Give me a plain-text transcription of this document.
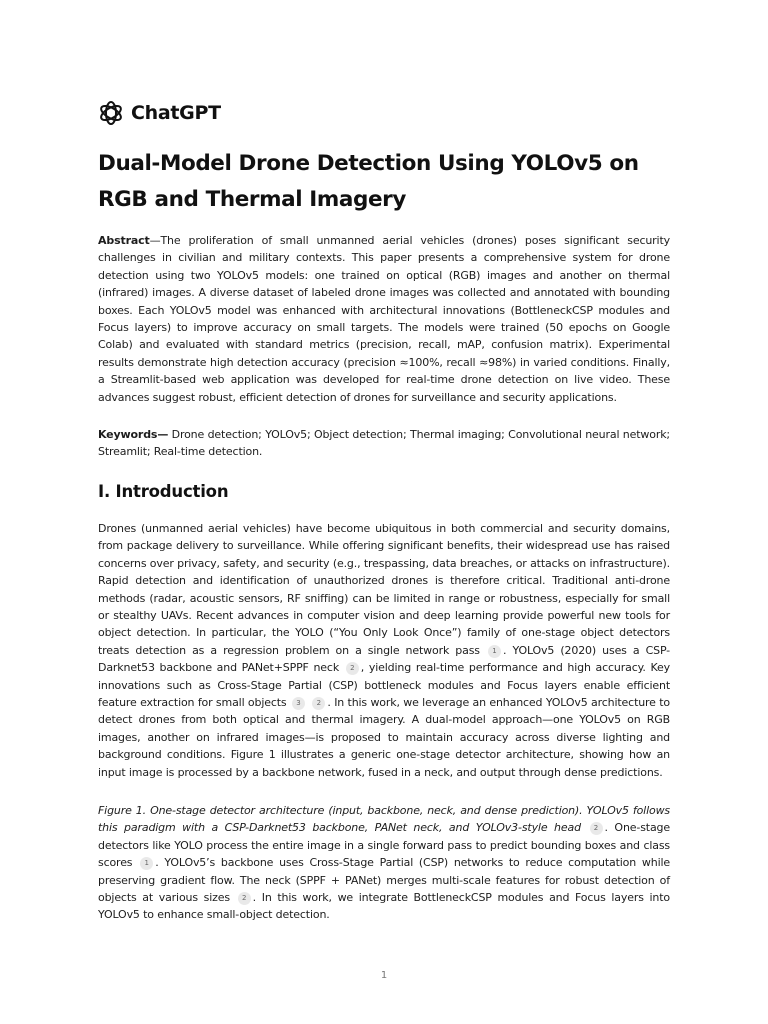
ChatGPT
Dual-Model Drone Detection Using YOLOv5 on RGB and Thermal Imagery

Abstract—The proliferation of small unmanned aerial vehicles (drones) poses significant security challenges in civilian and military contexts. This paper presents a comprehensive system for drone detection using two YOLOv5 models: one trained on optical (RGB) images and another on thermal (infrared) images. A diverse dataset of labeled drone images was collected and annotated with bounding boxes. Each YOLOv5 model was enhanced with architectural innovations (BottleneckCSP modules and Focus layers) to improve accuracy on small targets. The models were trained (50 epochs on Google Colab) and evaluated with standard metrics (precision, recall, mAP, confusion matrix). Experimental results demonstrate high detection accuracy (precision ≈100%, recall ≈98%) in varied conditions. Finally, a Streamlit-based web application was developed for real-time drone detection on live video. These advances suggest robust, efficient detection of drones for surveillance and security applications.

Keywords— Drone detection; YOLOv5; Object detection; Thermal imaging; Convolutional neural network; Streamlit; Real-time detection.

I. Introduction

Drones (unmanned aerial vehicles) have become ubiquitous in both commercial and security domains, from package delivery to surveillance. While offering significant benefits, their widespread use has raised concerns over privacy, safety, and security (e.g., trespassing, data breaches, or attacks on infrastructure). Rapid detection and identification of unauthorized drones is therefore critical. Traditional anti-drone methods (radar, acoustic sensors, RF sniffing) can be limited in range or robustness, especially for small or stealthy UAVs. Recent advances in computer vision and deep learning provide powerful new tools for object detection. In particular, the YOLO (“You Only Look Once”) family of one-stage object detectors treats detection as a regression problem on a single network pass 1 . YOLOv5 (2020) uses a CSP-Darknet53 backbone and PANet+SPPF neck 2 , yielding real-time performance and high accuracy. Key innovations such as Cross-Stage Partial (CSP) bottleneck modules and Focus layers enable efficient feature extraction for small objects 3 2 . In this work, we leverage an enhanced YOLOv5 architecture to detect drones from both optical and thermal imagery. A dual-model approach—one YOLOv5 on RGB images, another on infrared images—is proposed to maintain accuracy across diverse lighting and background conditions. Figure 1 illustrates a generic one-stage detector architecture, showing how an input image is processed by a backbone network, fused in a neck, and output through dense predictions.

Figure 1. One-stage detector architecture (input, backbone, neck, and dense prediction). YOLOv5 follows this paradigm with a CSP-Darknet53 backbone, PANet neck, and YOLOv3-style head 2 . One-stage detectors like YOLO process the entire image in a single forward pass to predict bounding boxes and class scores 1 . YOLOv5’s backbone uses Cross-Stage Partial (CSP) networks to reduce computation while preserving gradient flow. The neck (SPPF + PANet) merges multi-scale features for robust detection of objects at various sizes 2 . In this work, we integrate BottleneckCSP modules and Focus layers into YOLOv5 to enhance small-object detection.

1
